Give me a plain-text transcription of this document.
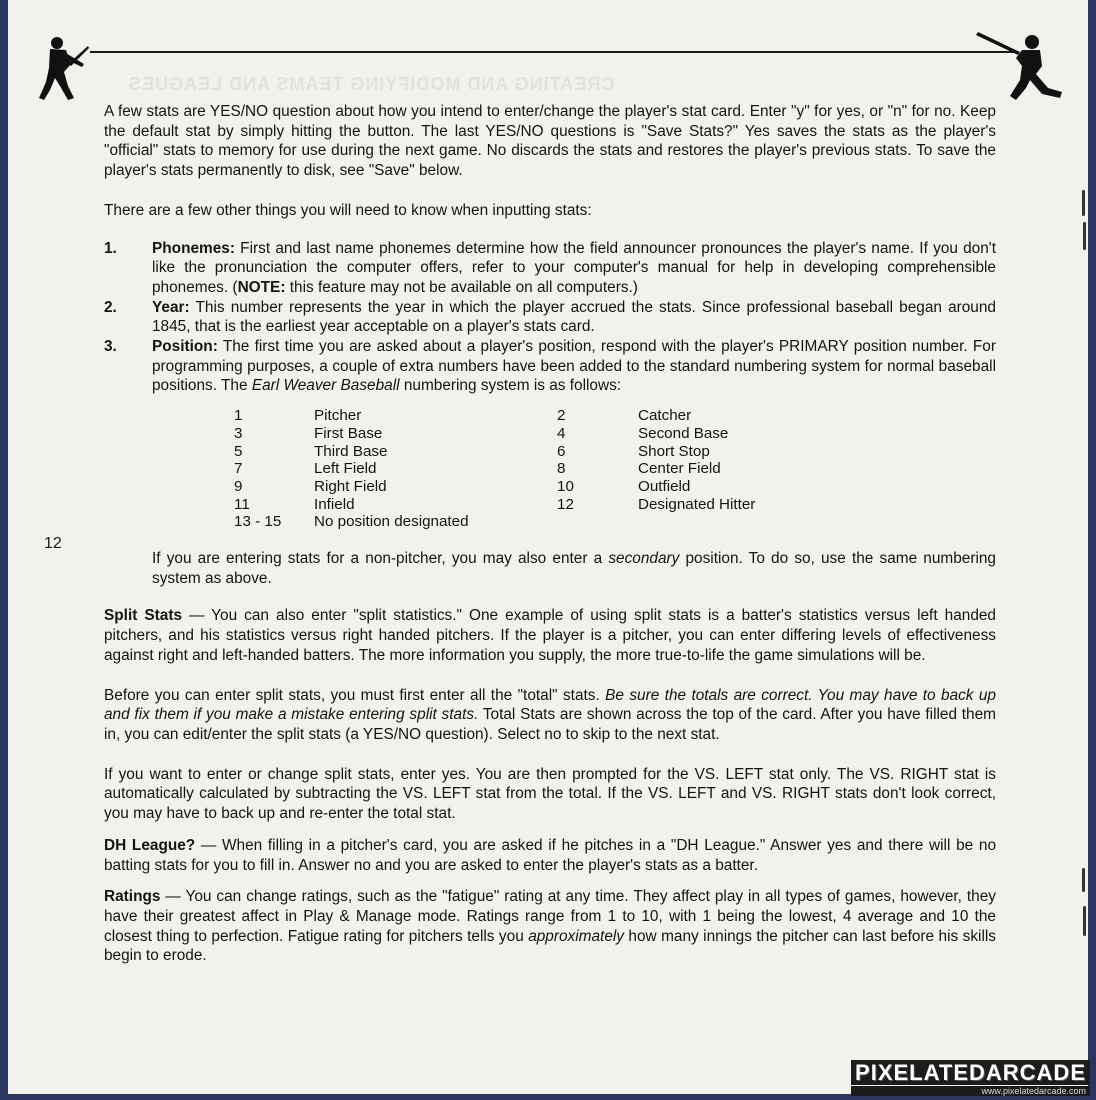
CREATING AND MODIFYING TEAMS AND LEAGUES
12

A few stats are YES/NO question about how you intend to enter/change the player's stat card. Enter "y" for yes, or "n" for no. Keep the default stat by simply hitting the button. The last YES/NO questions is "Save Stats?" Yes saves the stats as the player's "official" stats to memory for use during the next game. No discards the stats and restores the player's previous stats. To save the player's stats permanently to disk, see "Save" below.

There are a few other things you will need to know when inputting stats:

1.	Phonemes: First and last name phonemes determine how the field announcer pronounces the player's name. If you don't like the pronunciation the computer offers, refer to your computer's manual for help in developing comprehensible phonemes. (NOTE: this feature may not be available on all computers.)
2.	Year: This number represents the year in which the player accrued the stats. Since professional baseball began around 1845, that is the earliest year acceptable on a player's stats card.
3.	Position: The first time you are asked about a player's position, respond with the player's PRIMARY position number. For programming purposes, a couple of extra numbers have been added to the standard numbering system for normal baseball positions. The Earl Weaver Baseball numbering system is as follows:
1	Pitcher	2	Catcher
3	First Base	4	Second Base
5	Third Base	6	Short Stop
7	Left Field	8	Center Field
9	Right Field	10	Outfield
11	Infield	12	Designated Hitter
13 - 15	No position designated

If you are entering stats for a non-pitcher, you may also enter a secondary position. To do so, use the same numbering system as above.

Split Stats — You can also enter "split statistics." One example of using split stats is a batter's statistics versus left handed pitchers, and his statistics versus right handed pitchers. If the player is a pitcher, you can enter differing levels of effectiveness against right and left-handed batters. The more information you supply, the more true-to-life the game simulations will be.

Before you can enter split stats, you must first enter all the "total" stats. Be sure the totals are correct. You may have to back up and fix them if you make a mistake entering split stats. Total Stats are shown across the top of the card. After you have filled them in, you can edit/enter the split stats (a YES/NO question). Select no to skip to the next stat.

If you want to enter or change split stats, enter yes. You are then prompted for the VS. LEFT stat only. The VS. RIGHT stat is automatically calculated by subtracting the VS. LEFT stat from the total. If the VS. LEFT and VS. RIGHT stats don't look correct, you may have to back up and re-enter the total stat.

DH League? — When filling in a pitcher's card, you are asked if he pitches in a "DH League." Answer yes and there will be no batting stats for you to fill in. Answer no and you are asked to enter the player's stats as a batter.

Ratings — You can change ratings, such as the "fatigue" rating at any time. They affect play in all types of games, however, they have their greatest affect in Play & Manage mode. Ratings range from 1 to 10, with 1 being the lowest, 4 average and 10 the closest thing to perfection. Fatigue rating for pitchers tells you approximately how many innings the pitcher can last before his skills begin to erode.

PIXELATEDARCADE
www.pixelatedarcade.com
